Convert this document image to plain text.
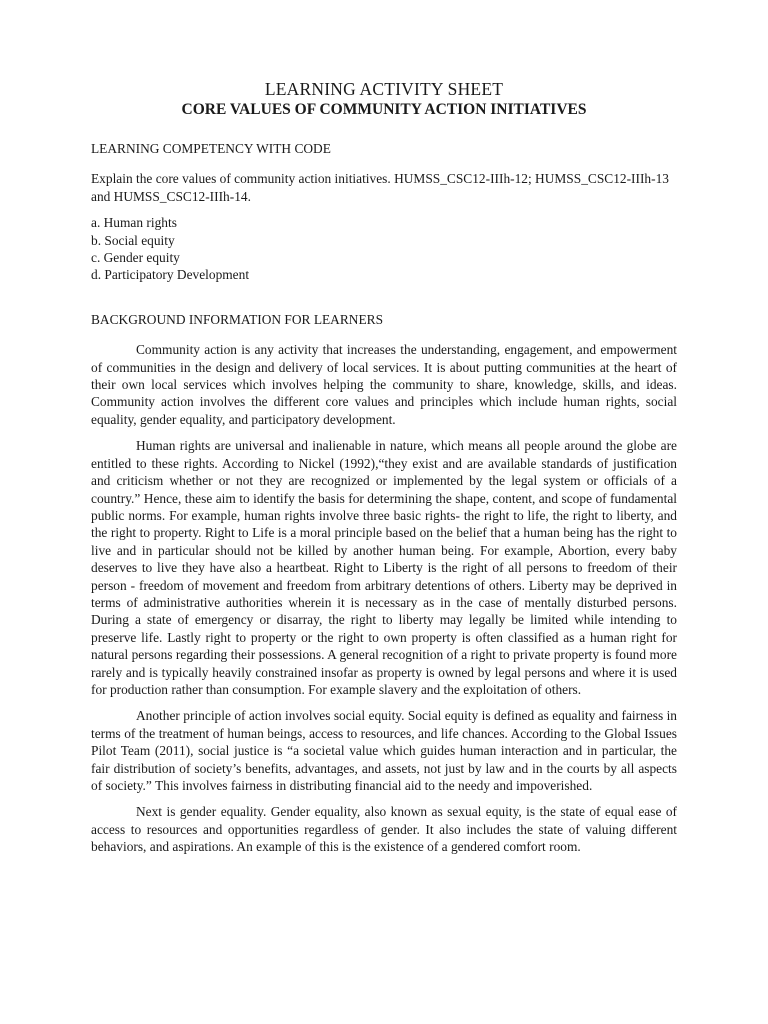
LEARNING ACTIVITY SHEET
CORE VALUES OF COMMUNITY ACTION INITIATIVES

LEARNING COMPETENCY WITH CODE

Explain the core values of community action initiatives. HUMSS_CSC12-IIIh-12; HUMSS_CSC12-IIIh-13 and HUMSS_CSC12-IIIh-14.

a. Human rights
b. Social equity
c. Gender equity
d. Participatory Development

BACKGROUND INFORMATION FOR LEARNERS

Community action is any activity that increases the understanding, engagement, and empowerment of communities in the design and delivery of local services. It is about putting communities at the heart of their own local services which involves helping the community to share, knowledge, skills, and ideas. Community action involves the different core values and principles which include human rights, social equality, gender equality, and participatory development.

Human rights are universal and inalienable in nature, which means all people around the globe are entitled to these rights. According to Nickel (1992),“they exist and are available standards of justification and criticism whether or not they are recognized or implemented by the legal system or officials of a country.” Hence, these aim to identify the basis for determining the shape, content, and scope of fundamental public norms. For example, human rights involve three basic rights- the right to life, the right to liberty, and the right to property. Right to Life is a moral principle based on the belief that a human being has the right to live and in particular should not be killed by another human being. For example, Abortion, every baby deserves to live they have also a heartbeat. Right to Liberty is the right of all persons to freedom of their person - freedom of movement and freedom from arbitrary detentions of others. Liberty may be deprived in terms of administrative authorities wherein it is necessary as in the case of mentally disturbed persons. During a state of emergency or disarray, the right to liberty may legally be limited while intending to preserve life. Lastly right to property or the right to own property is often classified as a human right for natural persons regarding their possessions. A general recognition of a right to private property is found more rarely and is typically heavily constrained insofar as property is owned by legal persons and where it is used for production rather than consumption. For example slavery and the exploitation of others.

Another principle of action involves social equity. Social equity is defined as equality and fairness in terms of the treatment of human beings, access to resources, and life chances. According to the Global Issues Pilot Team (2011), social justice is “a societal value which guides human interaction and in particular, the fair distribution of society’s benefits, advantages, and assets, not just by law and in the courts by all aspects of society.” This involves fairness in distributing financial aid to the needy and impoverished.

Next is gender equality. Gender equality, also known as sexual equity, is the state of equal ease of access to resources and opportunities regardless of gender. It also includes the state of valuing different behaviors, and aspirations. An example of this is the existence of a gendered comfort room.
